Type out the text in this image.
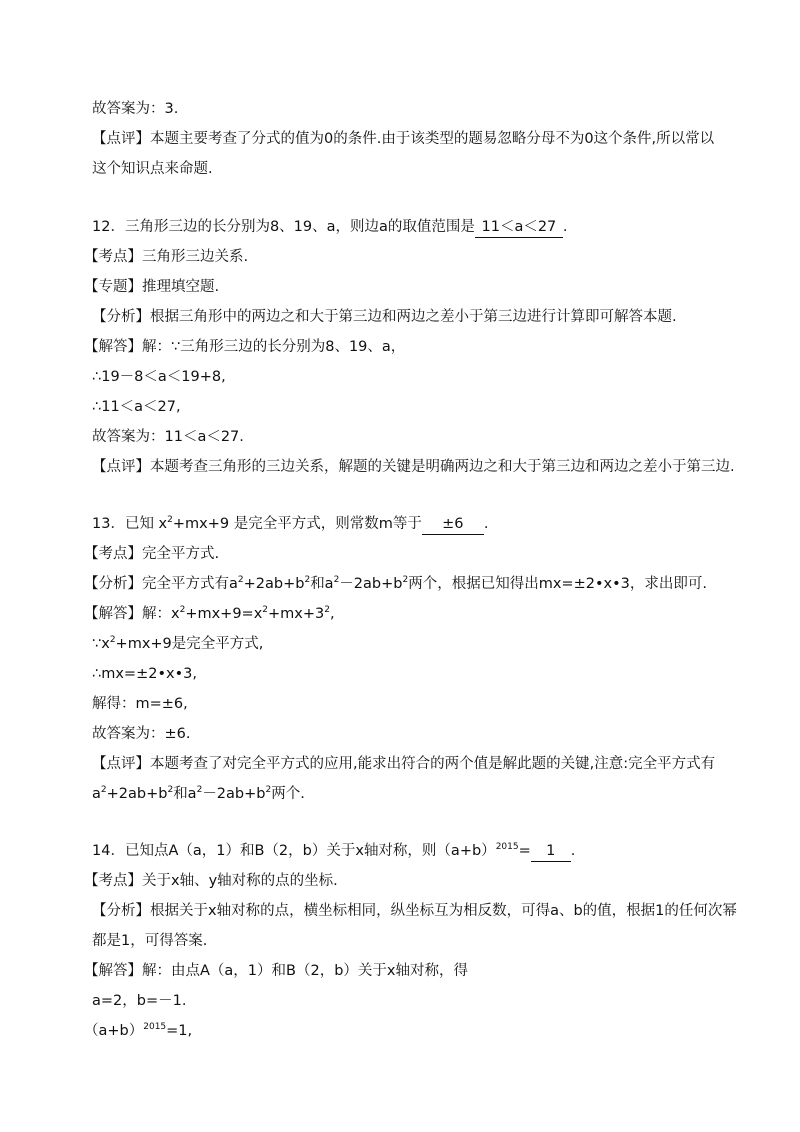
故答案为：3.
【点评】本题主要考查了分式的值为0的条件.由于该类型的题易忽略分母不为0这个条件,所以常以
这个知识点来命题.
12．三角形三边的长分别为8、19、a，则边a的取值范围是 11＜a＜27 .
【考点】三角形三边关系.
【专题】推理填空题.
【分析】根据三角形中的两边之和大于第三边和两边之差小于第三边进行计算即可解答本题.
【解答】解：∵三角形三边的长分别为8、19、a，
∴19－8＜a＜19+8,
∴11＜a＜27,
故答案为：11＜a＜27.
【点评】本题考查三角形的三边关系，解题的关键是明确两边之和大于第三边和两边之差小于第三边.
13．已知 $x^2+mx+9$ 是完全平方式，则常数m等于 ±6 .
【考点】完全平方式.
【分析】完全平方式有$a^2+2ab+b^2$和$a^2-2ab+b^2$两个，根据已知得出mx=±2•x•3，求出即可.
【解答】解：$x^2+mx+9=x^2+mx+3^2$,
$\because x^2+mx+9$是完全平方式,
∴mx=±2•x•3,
解得：m=±6,
故答案为：±6.
【点评】本题考查了对完全平方式的应用,能求出符合的两个值是解此题的关键,注意:完全平方式有
$a^2+2ab+b^2$和$a^2-2ab+b^2$两个.
14．已知点A（a，1）和B（2，b）关于x轴对称，则$(a+b)^{2015}= 1$ .
【考点】关于x轴、y轴对称的点的坐标.
【分析】根据关于x轴对称的点，横坐标相同，纵坐标互为相反数，可得a、b的值，根据1的任何次幂
都是1，可得答案.
【解答】解：由点A（a，1）和B（2，b）关于x轴对称，得
a=2，b=－1.
$(a+b)^{2015}=1$,
